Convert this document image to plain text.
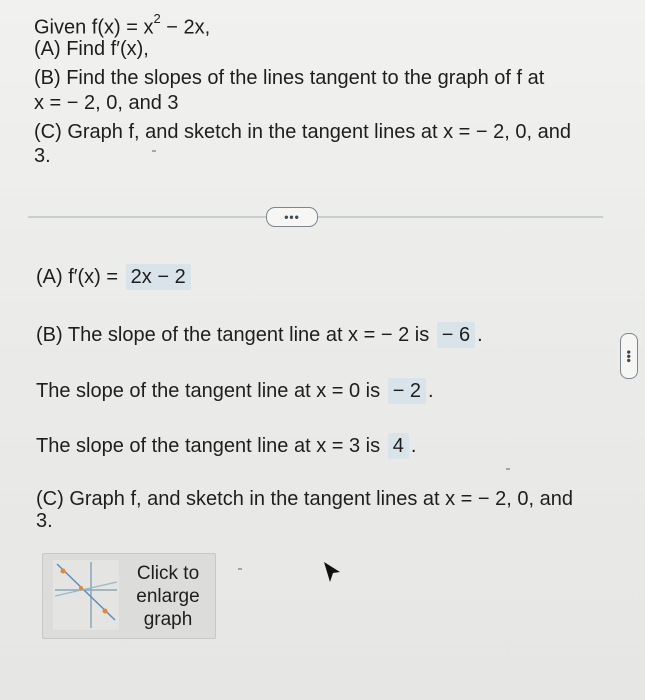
Given $f(x) = x^2 - 2x$,
(A) Find f′(x),
(B) Find the slopes of the lines tangent to the graph of f at
x = − 2, 0, and 3
(C) Graph f, and sketch in the tangent lines at x = − 2, 0, and
3.
•••
•••
(A) f′(x) = 2x − 2
(B) The slope of the tangent line at x = − 2 is − 6 .
The slope of the tangent line at x = 0 is − 2 .
The slope of the tangent line at x = 3 is 4 .
(C) Graph f, and sketch in the tangent lines at x = − 2, 0, and
3.
Click to
enlarge
graph
